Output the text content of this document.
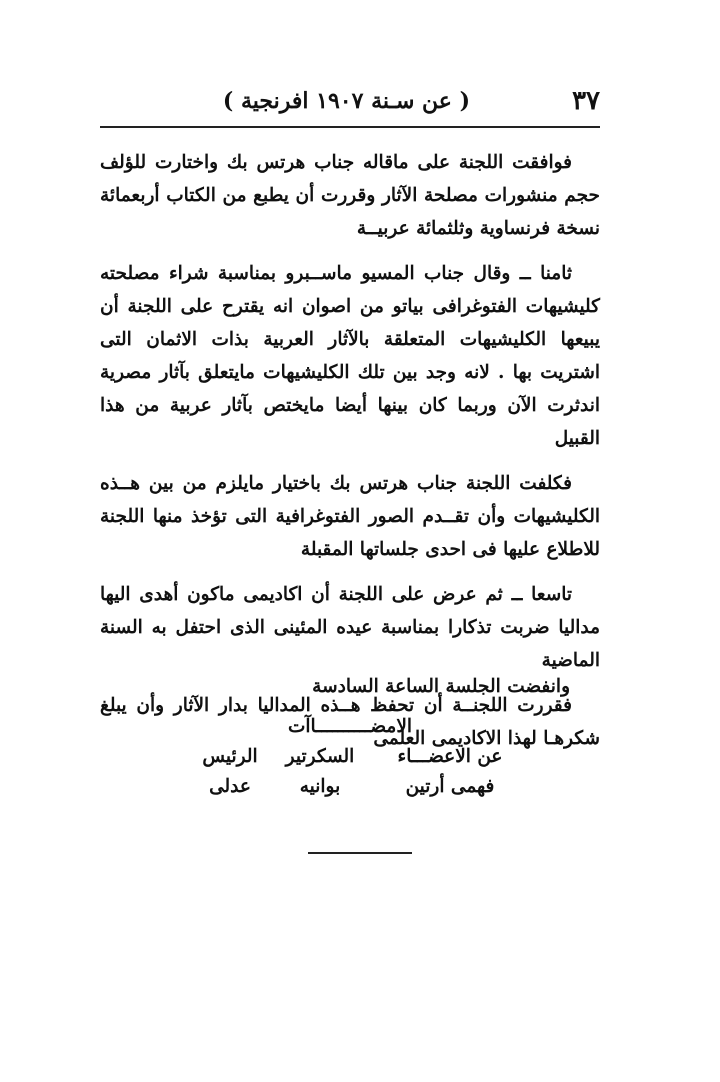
٣٧
( عن سـنة ١٩٠٧ افرنجية )

فوافقت اللجنة على ماقاله جناب هرتس بك واختارت للؤلف حجم منشورات مصلحة الآثار وقررت أن يطبع من الكتاب أربعمائة نسخة فرنساوية وثلثمائة عربيــة

ثامنا ــ وقال جناب المسيو ماســبرو بمناسبة شراء مصلحته كليشيهات الفتوغرافى بياتو من اصوان انه يقترح على اللجنة أن يبيعها الكليشيهات المتعلقة بالآثار العربية بذات الاثمان التى اشتريت بها . لانه وجد بين تلك الكليشيهات مايتعلق بآثار مصرية اندثرت الآن وربما كان بينها أيضا مايختص بآثار عربية من هذا القبيل

فكلفت اللجنة جناب هرتس بك باختيار مايلزم من بين هــذه الكليشيهات وأن تقــدم الصور الفتوغرافية التى تؤخذ منها اللجنة للاطلاع عليها فى احدى جلساتها المقبلة

تاسعا ــ ثم عرض على اللجنة أن اكاديمى ماكون أهدى اليها مداليا ضربت تذكارا بمناسبة عيده المئينى الذى احتفل به السنة الماضية

فقررت اللجنــة أن تحفظ هــذه المداليا بدار الآثار وأن يبلغ شكرهـا لهذا الاكاديمى العلمى

وانفضت الجلسة الساعة السادسة
الامضــــــــــاآت
عن الاعضـــاء
فهمى أرتين
السكرتير
بوانيه
الرئيس
عدلى
